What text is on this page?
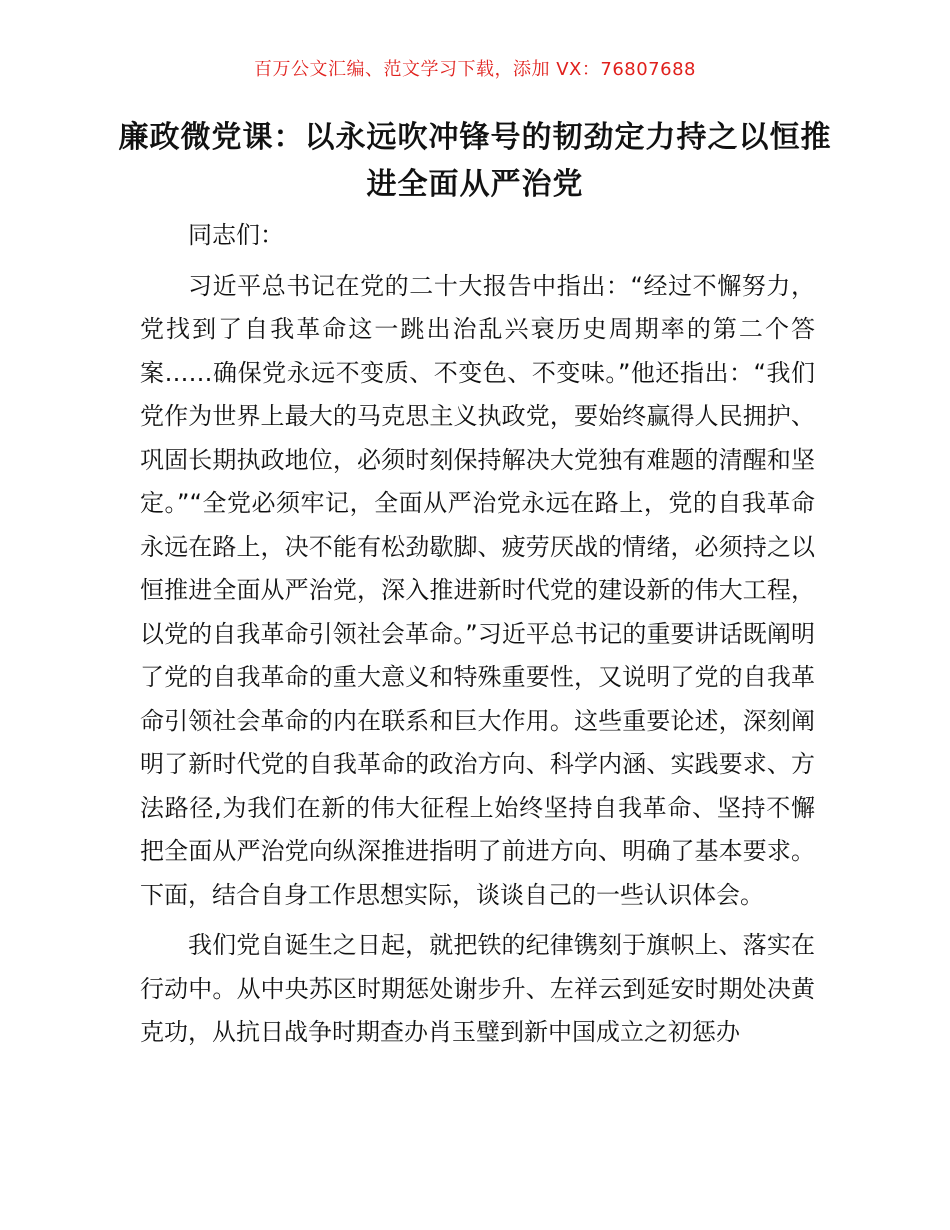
百万公文汇编、范文学习下载，添加 VX：76807688
廉政微党课：以永远吹冲锋号的韧劲定力持之以恒推进全面从严治党

同志们：

习近平总书记在党的二十大报告中指出：“经过不懈努力，党找到了自我革命这一跳出治乱兴衰历史周期率的第二个答案……确保党永远不变质、不变色、不变味。”他还指出：“我们党作为世界上最大的马克思主义执政党，要始终赢得人民拥护、巩固长期执政地位，必须时刻保持解决大党独有难题的清醒和坚定。”“全党必须牢记，全面从严治党永远在路上，党的自我革命永远在路上，决不能有松劲歇脚、疲劳厌战的情绪，必须持之以恒推进全面从严治党，深入推进新时代党的建设新的伟大工程，以党的自我革命引领社会革命。”习近平总书记的重要讲话既阐明了党的自我革命的重大意义和特殊重要性，又说明了党的自我革命引领社会革命的内在联系和巨大作用。这些重要论述，深刻阐明了新时代党的自我革命的政治方向、科学内涵、实践要求、方法路径,为我们在新的伟大征程上始终坚持自我革命、坚持不懈把全面从严治党向纵深推进指明了前进方向、明确了基本要求。下面，结合自身工作思想实际，谈谈自己的一些认识体会。

我们党自诞生之日起，就把铁的纪律镌刻于旗帜上、落实在行动中。从中央苏区时期惩处谢步升、左祥云到延安时期处决黄克功，从抗日战争时期查办肖玉璧到新中国成立之初惩办
